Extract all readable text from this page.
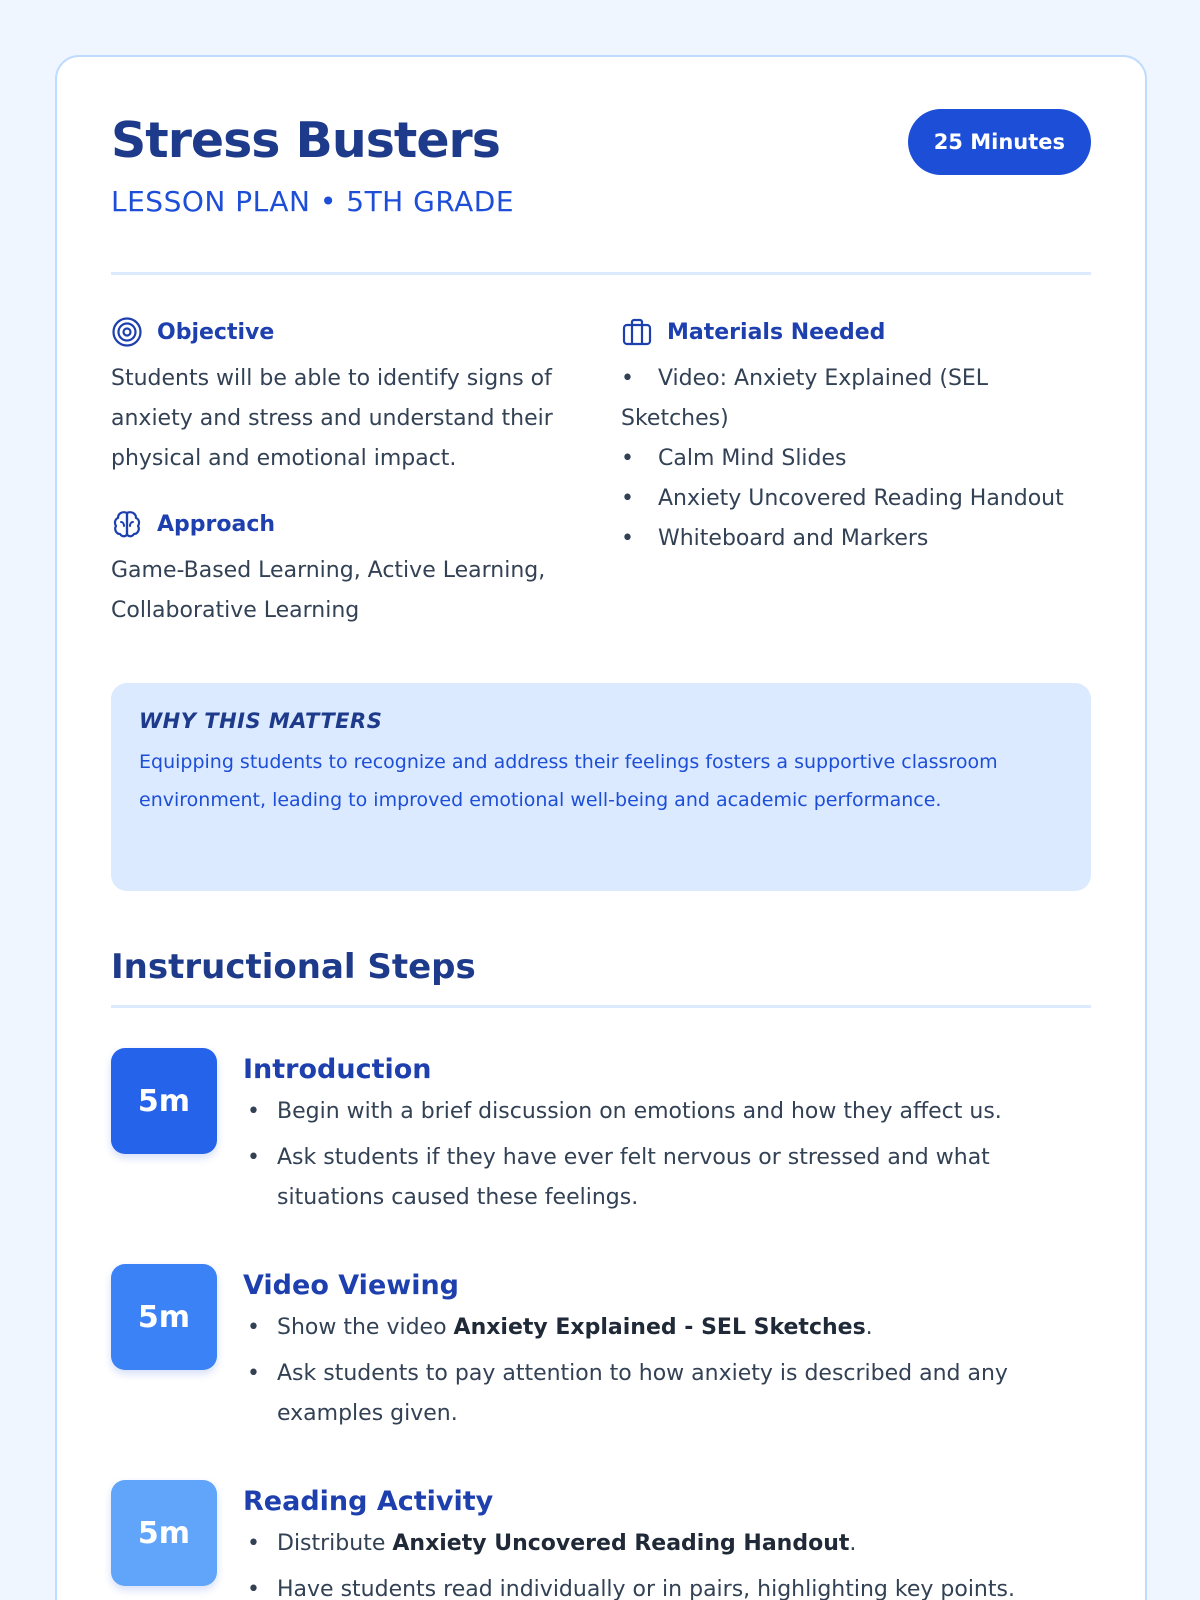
Stress Busters
LESSON PLAN • 5TH GRADE
25 Minutes
Objective

Students will be able to identify signs of anxiety and stress and understand their physical and emotional impact.

Approach

Game-Based Learning, Active Learning, Collaborative Learning

Materials Needed
• Video: Anxiety Explained (SEL Sketches)
• Calm Mind Slides
• Anxiety Uncovered Reading Handout
• Whiteboard and Markers
WHY THIS MATTERS

Equipping students to recognize and address their feelings fosters a supportive classroom environment, leading to improved emotional well-being and academic performance.

Instructional Steps
5m
Introduction
• Begin with a brief discussion on emotions and how they affect us.
• Ask students if they have ever felt nervous or stressed and what situations caused these feelings.
5m
Video Viewing
• Show the video Anxiety Explained - SEL Sketches.
• Ask students to pay attention to how anxiety is described and any examples given.
5m
Reading Activity
• Distribute Anxiety Uncovered Reading Handout.
• Have students read individually or in pairs, highlighting key points.
